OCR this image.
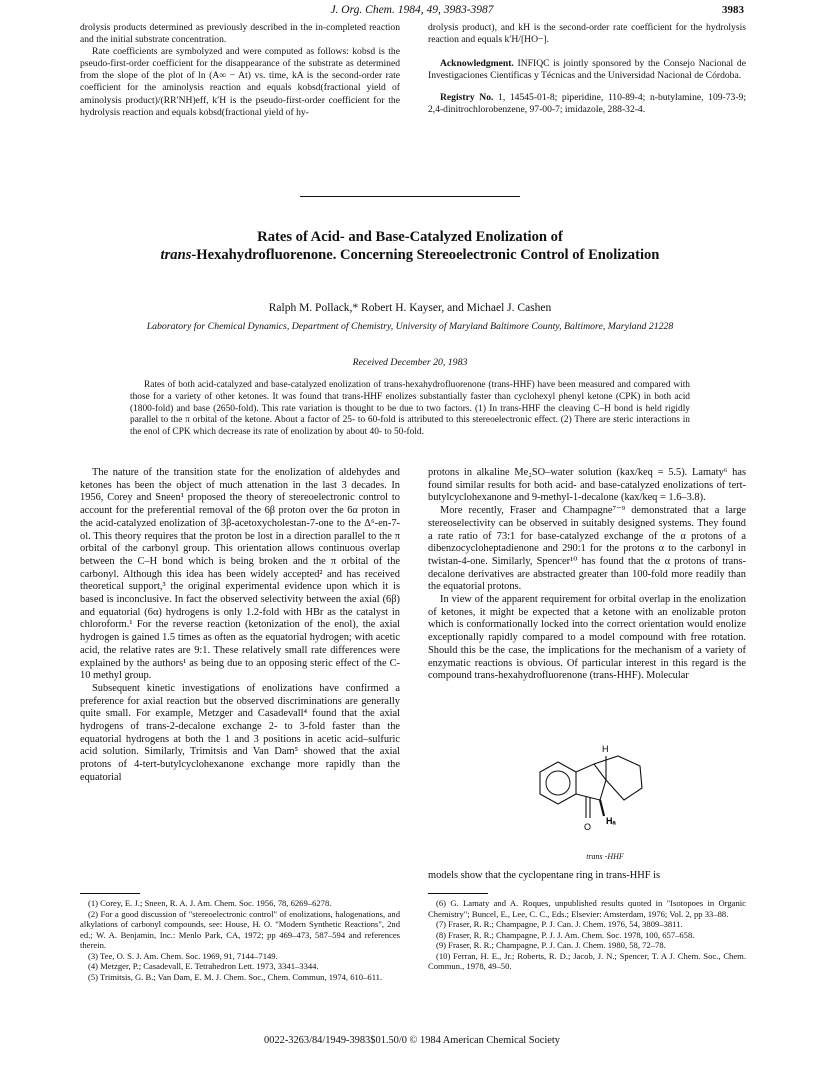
J. Org. Chem. 1984, 49, 3983-3987	3983

drolysis products determined as previously described in the in-completed reaction and the initial substrate concentration.

Rate coefficients are symbolyzed and were computed as follows: kobsd is the pseudo-first-order coefficient for the disappearance of the substrate as determined from the slope of the plot of ln (A∞ − At) vs. time, kA is the second-order rate coefficient for the aminolysis reaction and equals kobsd(fractional yield of aminolysis product)/(RR′NH)eff, k′H is the pseudo-first-order coefficient for the hydrolysis reaction and equals kobsd(fractional yield of hy-

drolysis product), and kH is the second-order rate coefficient for the hydrolysis reaction and equals k′H/[HO−].

Acknowledgment. INFIQC is jointly sponsored by the Consejo Nacional de Investigaciones Científicas y Técnicas and the Universidad Nacional de Córdoba.

Registry No. 1, 14545-01-8; piperidine, 110-89-4; n-butylamine, 109-73-9; 2,4-dinitrochlorobenzene, 97-00-7; imidazole, 288-32-4.

Rates of Acid- and Base-Catalyzed Enolization of
trans-Hexahydrofluorenone. Concerning Stereoelectronic Control of Enolization
Ralph M. Pollack,* Robert H. Kayser, and Michael J. Cashen
Laboratory for Chemical Dynamics, Department of Chemistry, University of Maryland Baltimore County, Baltimore, Maryland 21228
Received December 20, 1983

Rates of both acid-catalyzed and base-catalyzed enolization of trans-hexahydrofluorenone (trans-HHF) have been measured and compared with those for a variety of other ketones. It was found that trans-HHF enolizes substantially faster than cyclohexyl phenyl ketone (CPK) in both acid (1800-fold) and base (2650-fold). This rate variation is thought to be due to two factors. (1) In trans-HHF the cleaving C–H bond is held rigidly parallel to the π orbital of the ketone. About a factor of 25- to 60-fold is attributed to this stereoelectronic effect. (2) There are steric interactions in the enol of CPK which decrease its rate of enolization by about 40- to 50-fold.

The nature of the transition state for the enolization of aldehydes and ketones has been the object of much attenation in the last 3 decades. In 1956, Corey and Sneen¹ proposed the theory of stereoelectronic control to account for the preferential removal of the 6β proton over the 6α proton in the acid-catalyzed enolization of 3β-acetoxycholestan-7-one to the Δ⁶-en-7-ol. This theory requires that the proton be lost in a direction parallel to the π orbital of the carbonyl group. This orientation allows continuous overlap between the C–H bond which is being broken and the π orbital of the carbonyl. Although this idea has been widely accepted² and has received theoretical support,³ the original experimental evidence upon which it is based is inconclusive. In fact the observed selectivity between the axial (6β) and equatorial (6α) hydrogens is only 1.2-fold with HBr as the catalyst in chloroform.¹ For the reverse reaction (ketonization of the enol), the axial hydrogen is gained 1.5 times as often as the equatorial hydrogen; with acetic acid, the relative rates are 9:1. These relatively small rate differences were explained by the authors¹ as being due to an opposing steric effect of the C-10 methyl group.

Subsequent kinetic investigations of enolizations have confirmed a preference for axial reaction but the observed discriminations are generally quite small. For example, Metzger and Casadevall⁴ found that the axial hydrogens of trans-2-decalone exchange 2- to 3-fold faster than the equatorial hydrogens at both the 1 and 3 positions in acetic acid–sulfuric acid solution. Similarly, Trimitsis and Van Dam⁵ showed that the axial protons of 4-tert-butylcyclohexanone exchange more rapidly than the equatorial

protons in alkaline Me₂SO–water solution (kax/keq = 5.5). Lamaty⁶ has found similar results for both acid- and base-catalyzed enolizations of tert-butylcyclohexanone and 9-methyl-1-decalone (kax/keq = 1.6–3.8).

More recently, Fraser and Champagne⁷⁻⁹ demonstrated that a large stereoselectivity can be observed in suitably designed systems. They found a rate ratio of 73:1 for base-catalyzed exchange of the α protons of a dibenzocycloheptadienone and 290:1 for the protons α to the carbonyl in twistan-4-one. Similarly, Spencer¹⁰ has found that the α protons of trans-decalone derivatives are abstracted greater than 100-fold more readily than the equatorial protons.

In view of the apparent requirement for orbital overlap in the enolization of ketones, it might be expected that a ketone with an enolizable proton which is conformationally locked into the correct orientation would enolize exceptionally rapidly compared to a model compound with free rotation. Should this be the case, the implications for the mechanism of a variety of enzymatic reactions is obvious. Of particular interest in this regard is the compound trans-hexahydrofluorenone (trans-HHF). Molecular

H
O
Hₐ
trans -HHF
models show that the cyclopentane ring in trans-HHF is

(1) Corey, E. J.; Sneen, R. A. J. Am. Chem. Soc. 1956, 78, 6269–6278.

(2) For a good discussion of "stereoelectronic control" of enolizations, halogenations, and alkylations of carbonyl compounds, see: House, H. O. "Modern Synthetic Reactions", 2nd ed.; W. A. Benjamin, Inc.: Menlo Park, CA, 1972; pp 469–473, 587–594 and references therein.

(3) Tee, O. S. J. Am. Chem. Soc. 1969, 91, 7144–7149.

(4) Metzger, P.; Casadevall, E. Tetrahedron Lett. 1973, 3341–3344.

(5) Trimitsis, G. B.; Van Dam, E. M. J. Chem. Soc., Chem. Commun, 1974, 610–611.

(6) G. Lamaty and A. Roques, unpublished results quoted in "Isotopoes in Organic Chemistry"; Buncel, E., Lee, C. C., Eds.; Elsevier: Amsterdam, 1976; Vol. 2, pp 33–88.

(7) Fraser, R. R.; Champagne, P. J. Can. J. Chem. 1976, 54, 3809–3811.

(8) Fraser, R. R.; Champagne, P. J. J. Am. Chem. Soc. 1978, 100, 657–658.

(9) Fraser, R. R.; Champagne, P. J. Can. J. Chem. 1980, 58, 72–78.

(10) Ferran, H. E., Jr.; Roberts, R. D.; Jacob, J. N.; Spencer, T. A J. Chem. Soc., Chem. Commun., 1978, 49–50.

0022-3263/84/1949-3983$01.50/0 © 1984 American Chemical Society
